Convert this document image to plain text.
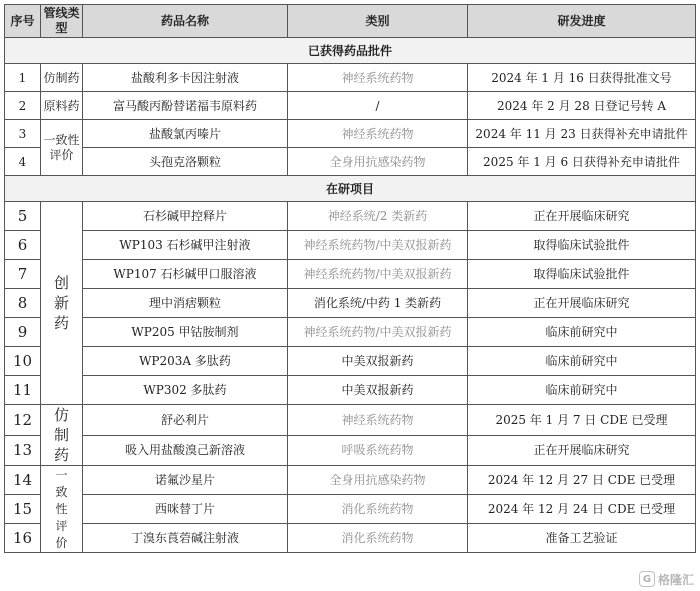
序号	管线类型	药品名称	类别	研发进度
已获得药品批件				
1	仿制药	盐酸利多卡因注射液	神经系统药物	2024 年 1 月 16 日获得批准文号
2	原料药	富马酸丙酚替诺福韦原料药	/	2024 年 2 月 28 日登记号转 A
3	一致性评价	盐酸氯丙嗪片	神经系统药物	2024 年 11 月 23 日获得补充申请批件
4		头孢克洛颗粒	全身用抗感染药物	2025 年 1 月 6 日获得补充申请批件
在研项目				
5	创新药	石杉碱甲控释片	神经系统/2 类新药	正在开展临床研究
6		WP103 石杉碱甲注射液	神经系统药物/中美双报新药	取得临床试验批件
7		WP107 石杉碱甲口服溶液	神经系统药物/中美双报新药	取得临床试验批件
8		理中消痞颗粒	消化系统/中药 1 类新药	正在开展临床研究
9		WP205 甲钴胺制剂	神经系统药物/中美双报新药	临床前研究中
10		WP203A 多肽药	中美双报新药	临床前研究中
11		WP302 多肽药	中美双报新药	临床前研究中
12	仿制药	舒必利片	神经系统药物	2025 年 1 月 7 日 CDE 已受理
13		吸入用盐酸溴己新溶液	呼吸系统药物	正在开展临床研究
14	一致性评价	诺氟沙星片	全身用抗感染药物	2024 年 12 月 27 日 CDE 已受理
15		西咪替丁片	消化系统药物	2024 年 12 月 24 日 CDE 已受理
16		丁溴东莨菪碱注射液	消化系统药物	准备工艺验证
G 格隆汇
